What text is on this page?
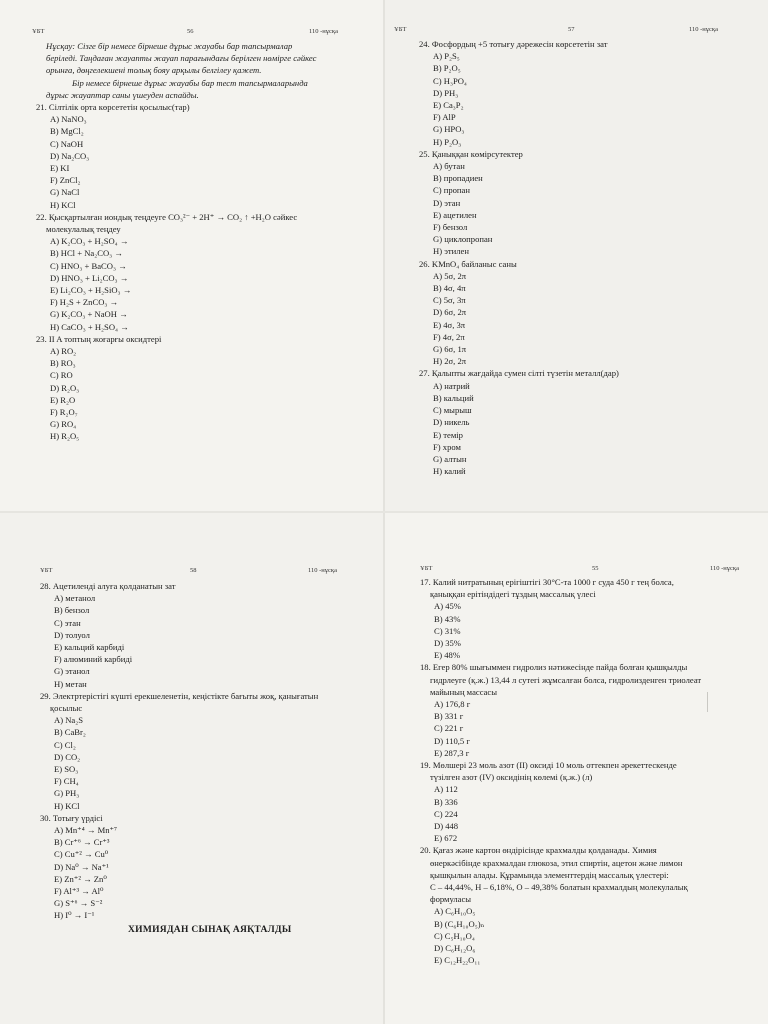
ҰБТ	56	110 -нұсқа
Нұсқау: Сізге бір немесе бірнеше дұрыс жауабы бар тапсырмалар
беріледі. Таңдаған жауапты жауап парағындағы берілген нөмірге сәйкес
орынға, дөңгелекшені толық бояу арқылы белгілеу қажет.
Бір немесе бірнеше дұрыс жауабы бар тест тапсырмаларында
дұрыс жауаптар саны үшеуден аспайды.
21. Сілтілік орта көрсететін қосылыс(тар)
A) NaNO₃
B) MgCl₂
C) NaOH
D) Na₂CO₃
E) KI
F) ZnCl₂
G) NaCl
H) KCl
22. Қысқартылған иондық теңдеуге CO₃²⁻ + 2H⁺ → CO₂ ↑ +H₂O сәйкес
молекулалық теңдеу
A) K₂CO₃ + H₂SO₄ →
B) HCl + Na₂CO₃ →
C) HNO₃ + BaCO₃ →
D) HNO₃ + Li₂CO₃ →
E) Li₂CO₃ + H₂SiO₃ →
F) H₂S + ZnCO₃ →
G) K₂CO₃ + NaOH →
H) CaCO₃ + H₂SO₄ →
23. II A топтың жоғарғы оксидтері
A) RO₂
B) RO₃
C) RO
D) R₂O₃
E) R₂O
F) R₂O₇
G) RO₄
H) R₂O₅
ҰБТ	57	110 -нұсқа
24. Фосфордың +5 тотығу дәрежесін көрсететін зат
A) P₂S₅
B) P₂O₅
C) H₃PO₄
D) PH₃
E) Ca₃P₂
F) AlP
G) HPO₃
H) P₂O₃
25. Қаныққан көмірсутектер
A) бутан
B) пропадиен
C) пропан
D) этан
E) ацетилен
F) бензол
G) циклопропан
H) этилен
26. KMnO₄ байланыс саны
A) 5σ, 2π
B) 4σ, 4π
C) 5σ, 3π
D) 6σ, 2π
E) 4σ, 3π
F) 4σ, 2π
G) 6σ, 1π
H) 2σ, 2π
27. Қалыпты жағдайда сумен сілті түзетін металл(дар)
A) натрий
B) кальций
C) мырыш
D) никель
E) темір
F) хром
G) алтын
H) калий
ҰБТ	58	110 -нұсқа
28. Ацетиленді алуға қолданатын зат
A) метанол
B) бензол
C) этан
D) толуол
E) кальций карбиді
F) алюминий карбиді
G) этанол
H) метан
29. Электртерістігі күшті ерекшеленетін, кеңістікте бағыты жоқ, қанығатын
қосылыс
A) Na₂S
B) CaBr₂
C) Cl₂
D) CO₂
E) SO₃
F) CH₄
G) PH₃
H) KCl
30. Тотығу үрдісі
A) Mn⁺⁴ → Mn⁺⁷
B) Cr⁺⁶ → Cr⁺³
C) Cu⁺² → Cu⁰
D) Na⁰ → Na⁺¹
E) Zn⁺² → Zn⁰
F) Al⁺³ → Al⁰
G) S⁺⁶ → S⁻²
H) I⁰ → I⁻¹
ХИМИЯДАН СЫНАҚ АЯҚТАЛДЫ
ҰБТ	55	110 -нұсқа
17. Калий нитратының ерігіштігі 30°С-та 1000 г суда 450 г тең болса,
қаныққан ерітіндідегі тұздың массалық үлесі
A) 45%
B) 43%
C) 31%
D) 35%
E) 48%
18. Егер 80% шығыммен гидролиз нәтижесінде пайда болған қышқылды
гидрлеуге (қ.ж.) 13,44 л сутегі жұмсалған болса, гидролизденген триолеат
майының массасы
A) 176,8 г
B) 331 г
C) 221 г
D) 110,5 г
E) 287,3 г
19. Мөлшері 23 моль азот (II) оксиді 10 моль оттекпен әрекеттескенде
түзілген азот (IV) оксидінің көлемі (қ.ж.) (л)
A) 112
B) 336
C) 224
D) 448
E) 672
20. Қағаз және картон өндірісінде крахмалды қолданады. Химия
өнеркәсібінде крахмалдан глюкоза, этил спиртін, ацетон және лимон
қышқылын алады. Құрамында элементтердің массалық үлестері:
C – 44,44%, H – 6,18%, O – 49,38% болатын крахмалдың молекулалық
формуласы
A) C₆H₁₀O₅
B) (C₆H₁₀O₅)ₙ
C) C₅H₁₀O₄
D) C₆H₁₂O₆
E) C₁₂H₂₂O₁₁
